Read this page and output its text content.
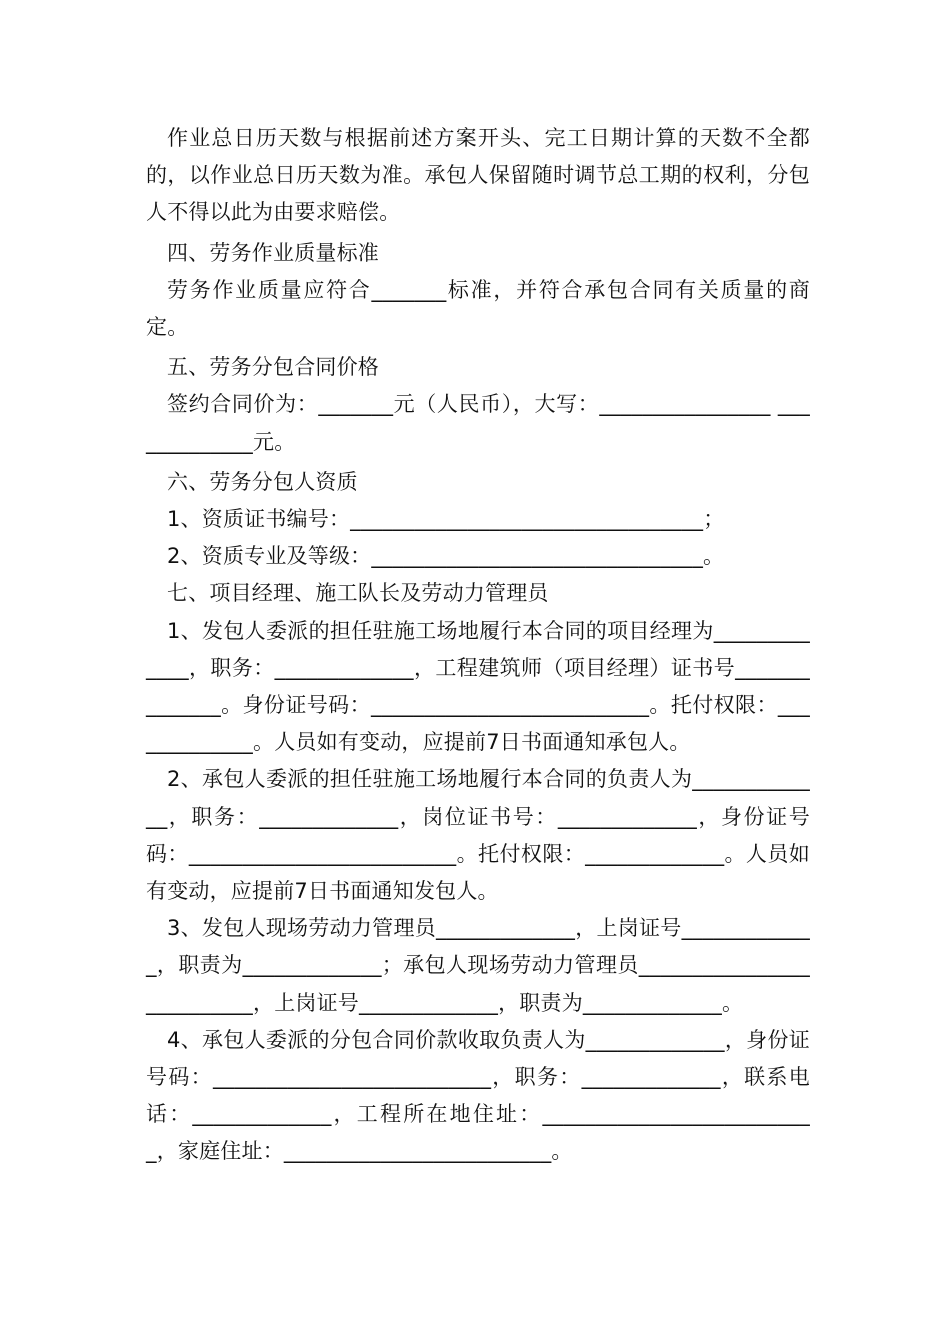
作业总日历天数与根据前述方案开头、完工日期计算的天数不全都的，以作业总日历天数为准。承包人保留随时调节总工期的权利，分包人不得以此为由要求赔偿。

四、劳务作业质量标准

劳务作业质量应符合_______标准，并符合承包合同有关质量的商定。

五、劳务分包合同价格

签约合同价为：_______元（人民币），大写：________________ _____________元。

六、劳务分包人资质

1、资质证书编号：_________________________________；

2、资质专业及等级：_______________________________。

七、项目经理、施工队长及劳动力管理员

1、发包人委派的担任驻施工场地履行本合同的项目经理为_____________，职务：_____________，工程建筑师（项目经理）证书号______________。身份证号码：__________________________。托付权限：_____________。人员如有变动，应提前7日书面通知承包人。

2、承包人委派的担任驻施工场地履行本合同的负责人为_____________，职务：_____________，岗位证书号：_____________，身份证号码：_________________________。托付权限：_____________。人员如有变动，应提前7日书面通知发包人。

3、发包人现场劳动力管理员_____________，上岗证号_____________，职责为_____________；承包人现场劳动力管理员__________________________，上岗证号_____________，职责为_____________。

4、承包人委派的分包合同价款收取负责人为_____________，身份证号码：__________________________，职务：_____________，联系电话：_____________，工程所在地住址：__________________________，家庭住址：_________________________。
